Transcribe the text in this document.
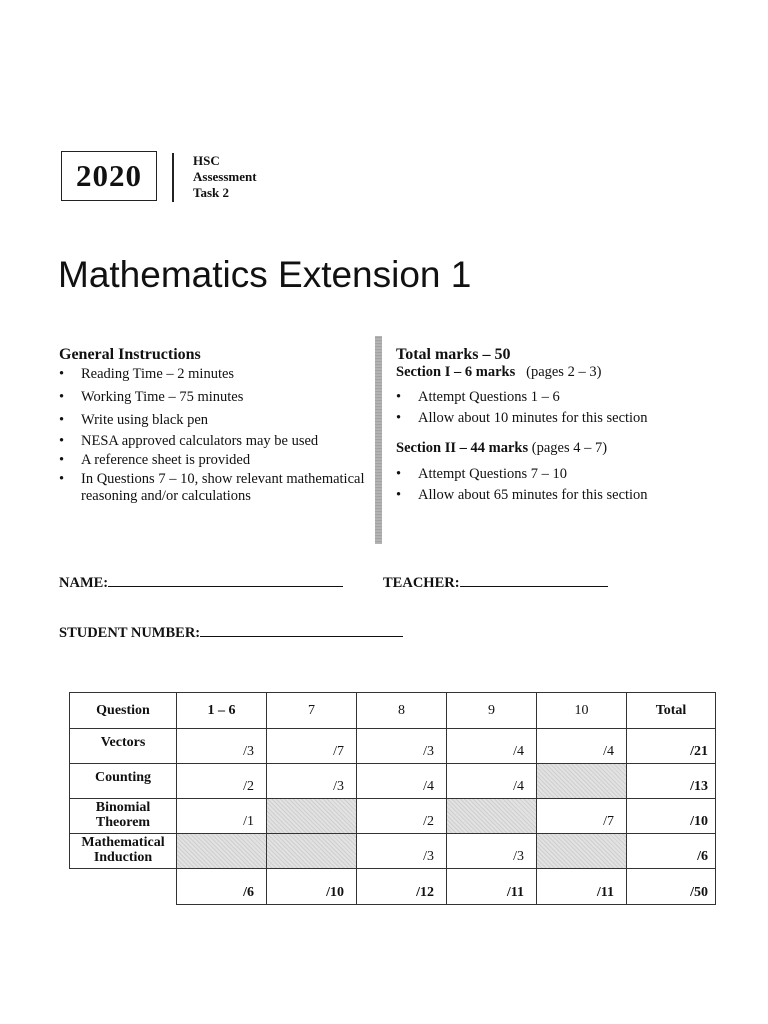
2020	HSC
Assessment
Task 2
Mathematics Extension 1
General Instructions
• Reading Time – 2 minutes
• Working Time – 75 minutes
• Write using black pen
• NESA approved calculators may be used
• A reference sheet is provided
• In Questions 7 – 10, show relevant mathematical reasoning and/or calculations
Total marks – 50
Section I – 6 marks (pages 2 – 3)
• Attempt Questions 1 – 6
• Allow about 10 minutes for this section
Section II – 44 marks (pages 4 – 7)
• Attempt Questions 7 – 10
• Allow about 65 minutes for this section
NAME:	TEACHER:
STUDENT NUMBER:
Question	1 – 6	7	8	9	10	Total
Vectors	/3	/7	/3	/4	/4	/21
Counting	/2	/3	/4	/4		/13
Binomial Theorem	/1		/2		/7	/10
Mathematical Induction			/3	/3		/6
	/6	/10	/12	/11	/11	/50
